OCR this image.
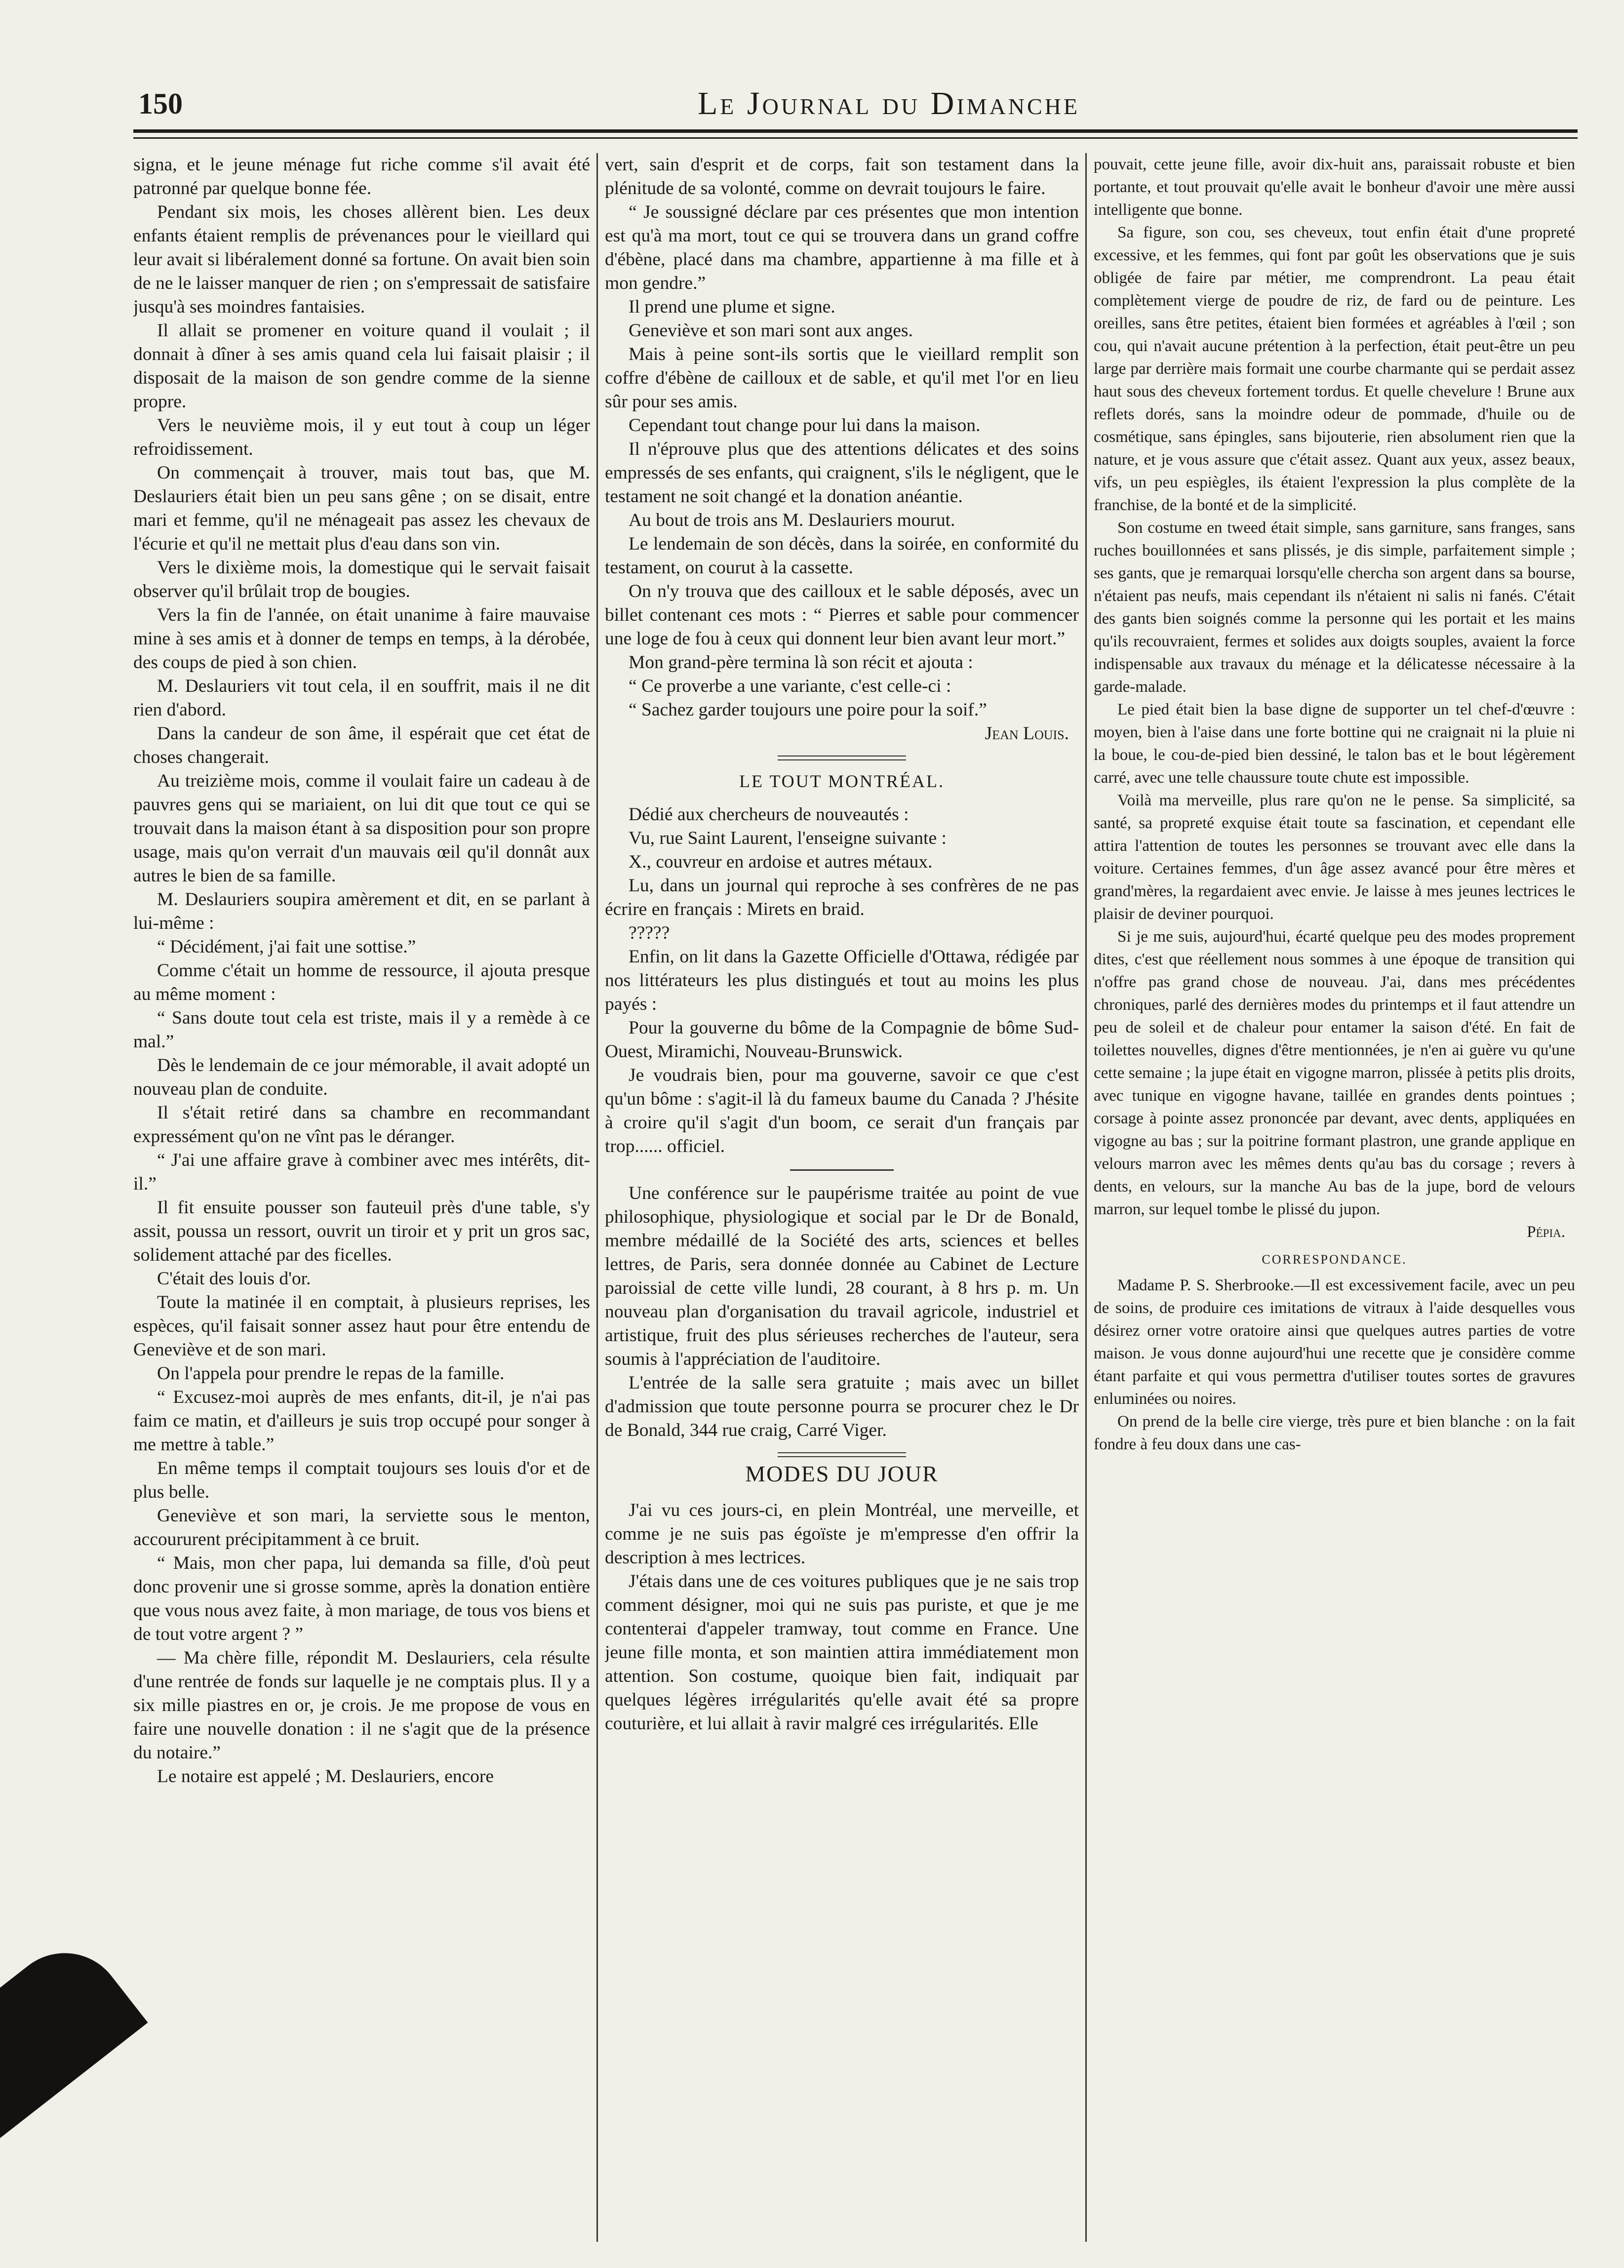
150	Le Journal du Dimanche

signa, et le jeune ménage fut riche comme s'il avait été patronné par quelque bonne fée.

Pendant six mois, les choses allèrent bien. Les deux enfants étaient remplis de prévenances pour le vieillard qui leur avait si libéralement donné sa fortune. On avait bien soin de ne le laisser manquer de rien ; on s'empressait de satisfaire jusqu'à ses moindres fantaisies.

Il allait se promener en voiture quand il voulait ; il donnait à dîner à ses amis quand cela lui faisait plaisir ; il disposait de la maison de son gendre comme de la sienne propre.

Vers le neuvième mois, il y eut tout à coup un léger refroidissement.

On commençait à trouver, mais tout bas, que M. Deslauriers était bien un peu sans gêne ; on se disait, entre mari et femme, qu'il ne ménageait pas assez les chevaux de l'écurie et qu'il ne mettait plus d'eau dans son vin.

Vers le dixième mois, la domestique qui le servait faisait observer qu'il brûlait trop de bougies.

Vers la fin de l'année, on était unanime à faire mauvaise mine à ses amis et à donner de temps en temps, à la dérobée, des coups de pied à son chien.

M. Deslauriers vit tout cela, il en souffrit, mais il ne dit rien d'abord.

Dans la candeur de son âme, il espérait que cet état de choses changerait.

Au treizième mois, comme il voulait faire un cadeau à de pauvres gens qui se mariaient, on lui dit que tout ce qui se trouvait dans la maison étant à sa disposition pour son propre usage, mais qu'on verrait d'un mauvais œil qu'il donnât aux autres le bien de sa famille.

M. Deslauriers soupira amèrement et dit, en se parlant à lui-même :

“ Décidément, j'ai fait une sottise.”

Comme c'était un homme de ressource, il ajouta presque au même moment :

“ Sans doute tout cela est triste, mais il y a remède à ce mal.”

Dès le lendemain de ce jour mémorable, il avait adopté un nouveau plan de conduite.

Il s'était retiré dans sa chambre en recommandant expressément qu'on ne vînt pas le déranger.

“ J'ai une affaire grave à combiner avec mes intérêts, dit-il.”

Il fit ensuite pousser son fauteuil près d'une table, s'y assit, poussa un ressort, ouvrit un tiroir et y prit un gros sac, solidement attaché par des ficelles.

C'était des louis d'or.

Toute la matinée il en comptait, à plusieurs reprises, les espèces, qu'il faisait sonner assez haut pour être entendu de Geneviève et de son mari.

On l'appela pour prendre le repas de la famille.

“ Excusez-moi auprès de mes enfants, dit-il, je n'ai pas faim ce matin, et d'ailleurs je suis trop occupé pour songer à me mettre à table.”

En même temps il comptait toujours ses louis d'or et de plus belle.

Geneviève et son mari, la serviette sous le menton, accoururent précipitamment à ce bruit.

“ Mais, mon cher papa, lui demanda sa fille, d'où peut donc provenir une si grosse somme, après la donation entière que vous nous avez faite, à mon mariage, de tous vos biens et de tout votre argent ? ”

— Ma chère fille, répondit M. Deslauriers, cela résulte d'une rentrée de fonds sur laquelle je ne comptais plus. Il y a six mille piastres en or, je crois. Je me propose de vous en faire une nouvelle donation : il ne s'agit que de la présence du notaire.”

Le notaire est appelé ; M. Deslauriers, encore

vert, sain d'esprit et de corps, fait son testament dans la plénitude de sa volonté, comme on devrait toujours le faire.

“ Je soussigné déclare par ces présentes que mon intention est qu'à ma mort, tout ce qui se trouvera dans un grand coffre d'ébène, placé dans ma chambre, appartienne à ma fille et à mon gendre.”

Il prend une plume et signe.

Geneviève et son mari sont aux anges.

Mais à peine sont-ils sortis que le vieillard remplit son coffre d'ébène de cailloux et de sable, et qu'il met l'or en lieu sûr pour ses amis.

Cependant tout change pour lui dans la maison.

Il n'éprouve plus que des attentions délicates et des soins empressés de ses enfants, qui craignent, s'ils le négligent, que le testament ne soit changé et la donation anéantie.

Au bout de trois ans M. Deslauriers mourut.

Le lendemain de son décès, dans la soirée, en conformité du testament, on courut à la cassette.

On n'y trouva que des cailloux et le sable déposés, avec un billet contenant ces mots : “ Pierres et sable pour commencer une loge de fou à ceux qui donnent leur bien avant leur mort.”

Mon grand-père termina là son récit et ajouta :

“ Ce proverbe a une variante, c'est celle-ci :

“ Sachez garder toujours une poire pour la soif.”

Jean Louis.
LE TOUT MONTRÉAL.

Dédié aux chercheurs de nouveautés :

Vu, rue Saint Laurent, l'enseigne suivante :

X., couvreur en ardoise et autres métaux.

Lu, dans un journal qui reproche à ses confrères de ne pas écrire en français : Mirets en braid.

?????

Enfin, on lit dans la Gazette Officielle d'Ottawa, rédigée par nos littérateurs les plus distingués et tout au moins les plus payés :

Pour la gouverne du bôme de la Compagnie de bôme Sud-Ouest, Miramichi, Nouveau-Brunswick.

Je voudrais bien, pour ma gouverne, savoir ce que c'est qu'un bôme : s'agit-il là du fameux baume du Canada ? J'hésite à croire qu'il s'agit d'un boom, ce serait d'un français par trop...... officiel.

Une conférence sur le paupérisme traitée au point de vue philosophique, physiologique et social par le Dr de Bonald, membre médaillé de la Société des arts, sciences et belles lettres, de Paris, sera donnée donnée au Cabinet de Lecture paroissial de cette ville lundi, 28 courant, à 8 hrs p. m. Un nouveau plan d'organisation du travail agricole, industriel et artistique, fruit des plus sérieuses recherches de l'auteur, sera soumis à l'appréciation de l'auditoire.

L'entrée de la salle sera gratuite ; mais avec un billet d'admission que toute personne pourra se procurer chez le Dr de Bonald, 344 rue craig, Carré Viger.

MODES DU JOUR

J'ai vu ces jours-ci, en plein Montréal, une merveille, et comme je ne suis pas égoïste je m'empresse d'en offrir la description à mes lectrices.

J'étais dans une de ces voitures publiques que je ne sais trop comment désigner, moi qui ne suis pas puriste, et que je me contenterai d'appeler tramway, tout comme en France. Une jeune fille monta, et son maintien attira immédiatement mon attention. Son costume, quoique bien fait, indiquait par quelques légères irrégularités qu'elle avait été sa propre couturière, et lui allait à ravir malgré ces irrégularités. Elle

pouvait, cette jeune fille, avoir dix-huit ans, paraissait robuste et bien portante, et tout prouvait qu'elle avait le bonheur d'avoir une mère aussi intelligente que bonne.

Sa figure, son cou, ses cheveux, tout enfin était d'une propreté excessive, et les femmes, qui font par goût les observations que je suis obligée de faire par métier, me comprendront. La peau était complètement vierge de poudre de riz, de fard ou de peinture. Les oreilles, sans être petites, étaient bien formées et agréables à l'œil ; son cou, qui n'avait aucune prétention à la perfection, était peut-être un peu large par derrière mais formait une courbe charmante qui se perdait assez haut sous des cheveux fortement tordus. Et quelle chevelure ! Brune aux reflets dorés, sans la moindre odeur de pommade, d'huile ou de cosmétique, sans épingles, sans bijouterie, rien absolument rien que la nature, et je vous assure que c'était assez. Quant aux yeux, assez beaux, vifs, un peu espiègles, ils étaient l'expression la plus complète de la franchise, de la bonté et de la simplicité.

Son costume en tweed était simple, sans garniture, sans franges, sans ruches bouillonnées et sans plissés, je dis simple, parfaitement simple ; ses gants, que je remarquai lorsqu'elle chercha son argent dans sa bourse, n'étaient pas neufs, mais cependant ils n'étaient ni salis ni fanés. C'était des gants bien soignés comme la personne qui les portait et les mains qu'ils recouvraient, fermes et solides aux doigts souples, avaient la force indispensable aux travaux du ménage et la délicatesse nécessaire à la garde-malade.

Le pied était bien la base digne de supporter un tel chef-d'œuvre : moyen, bien à l'aise dans une forte bottine qui ne craignait ni la pluie ni la boue, le cou-de-pied bien dessiné, le talon bas et le bout légèrement carré, avec une telle chaussure toute chute est impossible.

Voilà ma merveille, plus rare qu'on ne le pense. Sa simplicité, sa santé, sa propreté exquise était toute sa fascination, et cependant elle attira l'attention de toutes les personnes se trouvant avec elle dans la voiture. Certaines femmes, d'un âge assez avancé pour être mères et grand'mères, la regardaient avec envie. Je laisse à mes jeunes lectrices le plaisir de deviner pourquoi.

Si je me suis, aujourd'hui, écarté quelque peu des modes proprement dites, c'est que réellement nous sommes à une époque de transition qui n'offre pas grand chose de nouveau. J'ai, dans mes précédentes chroniques, parlé des dernières modes du printemps et il faut attendre un peu de soleil et de chaleur pour entamer la saison d'été. En fait de toilettes nouvelles, dignes d'être mentionnées, je n'en ai guère vu qu'une cette semaine ; la jupe était en vigogne marron, plissée à petits plis droits, avec tunique en vigogne havane, taillée en grandes dents pointues ; corsage à pointe assez prononcée par devant, avec dents, appliquées en vigogne au bas ; sur la poitrine formant plastron, une grande applique en velours marron avec les mêmes dents qu'au bas du corsage ; revers à dents, en velours, sur la manche Au bas de la jupe, bord de velours marron, sur lequel tombe le plissé du jupon.

Pépia.
CORRESPONDANCE.

Madame P. S. Sherbrooke.—Il est excessivement facile, avec un peu de soins, de produire ces imitations de vitraux à l'aide desquelles vous désirez orner votre oratoire ainsi que quelques autres parties de votre maison. Je vous donne aujourd'hui une recette que je considère comme étant parfaite et qui vous permettra d'utiliser toutes sortes de gravures enluminées ou noires.

On prend de la belle cire vierge, très pure et bien blanche : on la fait fondre à feu doux dans une cas-
